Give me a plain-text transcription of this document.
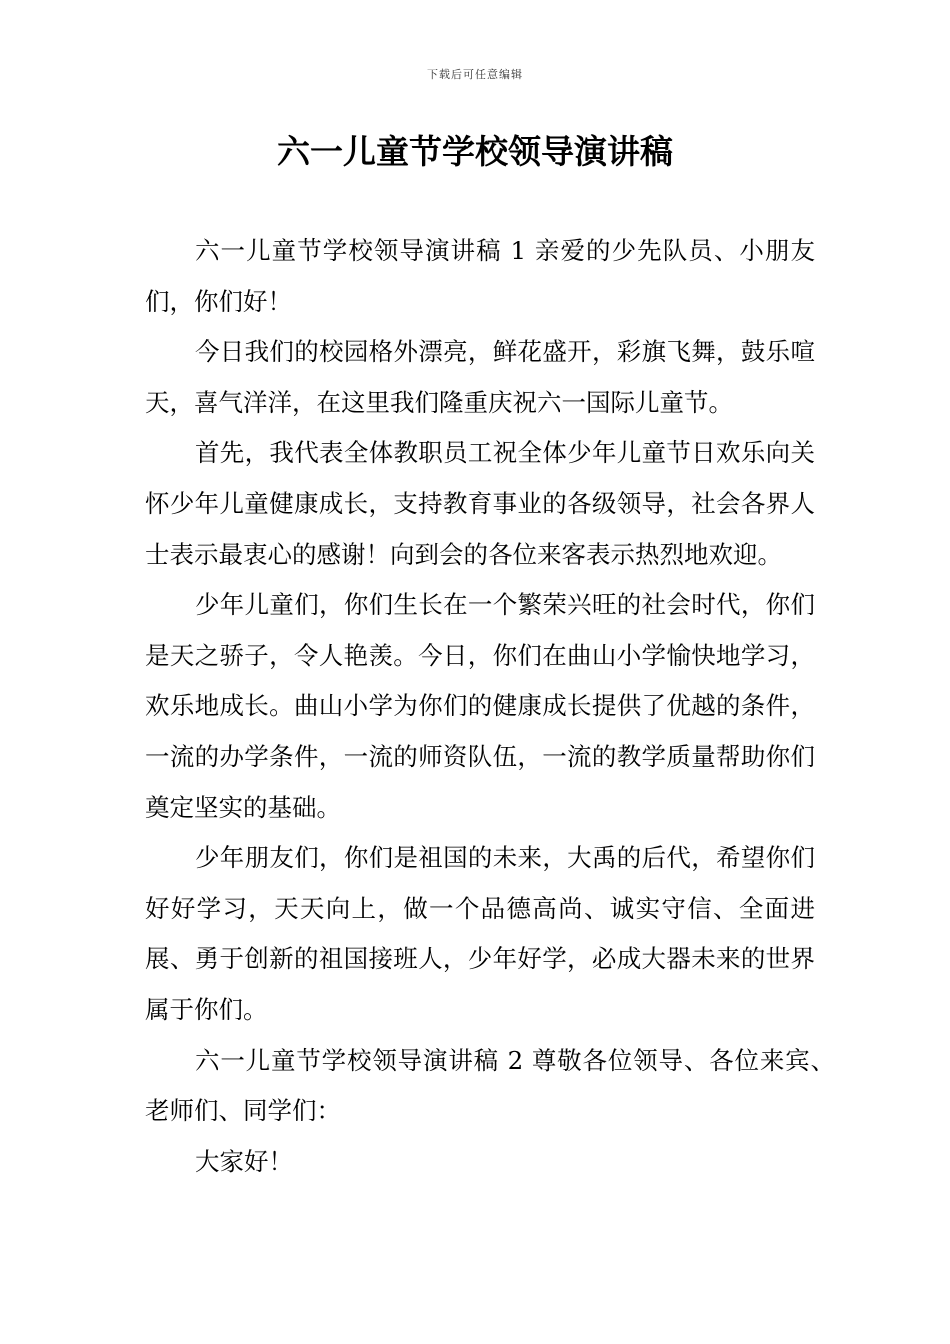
下载后可任意编辑
六一儿童节学校领导演讲稿

六一儿童节学校领导演讲稿 1 亲爱的少先队员、小朋友们，你们好！

今日我们的校园格外漂亮，鲜花盛开，彩旗飞舞，鼓乐喧天，喜气洋洋，在这里我们隆重庆祝六一国际儿童节。

首先，我代表全体教职员工祝全体少年儿童节日欢乐向关怀少年儿童健康成长，支持教育事业的各级领导，社会各界人士表示最衷心的感谢！向到会的各位来客表示热烈地欢迎。

少年儿童们，你们生长在一个繁荣兴旺的社会时代，你们是天之骄子，令人艳羡。今日，你们在曲山小学愉快地学习，欢乐地成长。曲山小学为你们的健康成长提供了优越的条件，一流的办学条件，一流的师资队伍，一流的教学质量帮助你们奠定坚实的基础。

少年朋友们，你们是祖国的未来，大禹的后代，希望你们好好学习，天天向上，做一个品德高尚、诚实守信、全面进展、勇于创新的祖国接班人，少年好学，必成大器未来的世界属于你们。

六一儿童节学校领导演讲稿 2 尊敬各位领导、各位来宾、老师们、同学们：

大家好！
